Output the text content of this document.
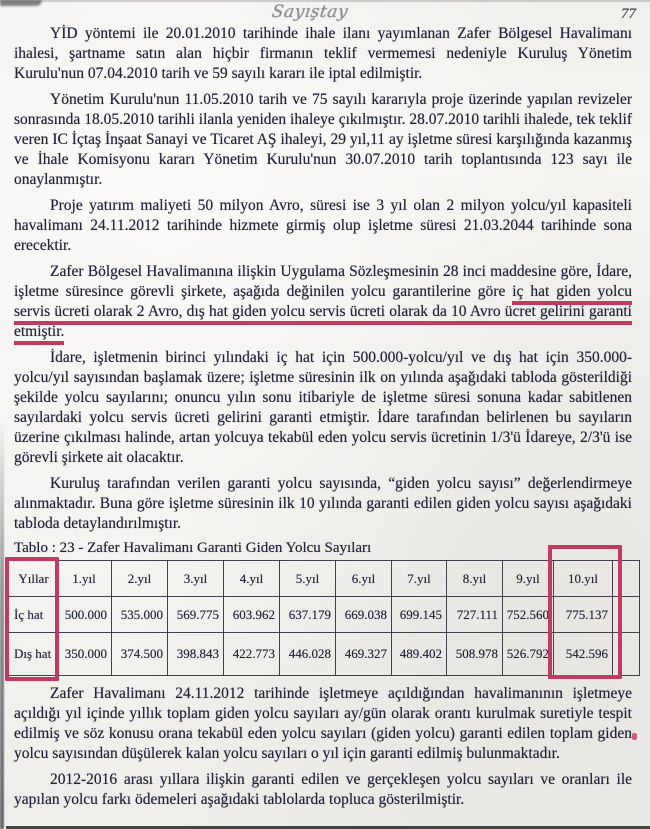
Sayıştay	77

YİD yöntemi ile 20.01.2010 tarihinde ihale ilanı yayımlanan Zafer Bölgesel Havalimanı ihalesi, şartname satın alan hiçbir firmanın teklif vermemesi nedeniyle Kuruluş Yönetim Kurulu'nun 07.04.2010 tarih ve 59 sayılı kararı ile iptal edilmiştir.

Yönetim Kurulu'nun 11.05.2010 tarih ve 75 sayılı kararıyla proje üzerinde yapılan revizeler sonrasında 18.05.2010 tarihli ilanla yeniden ihaleye çıkılmıştır. 28.07.2010 tarihli ihalede, tek teklif veren IC İçtaş İnşaat Sanayi ve Ticaret AŞ ihaleyi, 29 yıl,11 ay işletme süresi karşılığında kazanmış ve İhale Komisyonu kararı Yönetim Kurulu'nun 30.07.2010 tarih toplantısında 123 sayı ile onaylanmıştır.

Proje yatırım maliyeti 50 milyon Avro, süresi ise 3 yıl olan 2 milyon yolcu/yıl kapasiteli havalimanı 24.11.2012 tarihinde hizmete girmiş olup işletme süresi 21.03.2044 tarihinde sona erecektir.

Zafer Bölgesel Havalimanına ilişkin Uygulama Sözleşmesinin 28 inci maddesine göre, İdare, işletme süresince görevli şirkete, aşağıda değinilen yolcu garantilerine göre iç hat giden yolcu servis ücreti olarak 2 Avro, dış hat giden yolcu servis ücreti olarak da 10 Avro ücret gelirini garanti etmiştir.

İdare, işletmenin birinci yılındaki iç hat için 500.000-yolcu/yıl ve dış hat için 350.000-yolcu/yıl sayısından başlamak üzere; işletme süresinin ilk on yılında aşağıdaki tabloda gösterildiği şekilde yolcu sayılarını; onuncu yılın sonu itibariyle de işletme süresi sonuna kadar sabitlenen sayılardaki yolcu servis ücreti gelirini garanti etmiştir. İdare tarafından belirlenen bu sayıların üzerine çıkılması halinde, artan yolcuya tekabül eden yolcu servis ücretinin 1/3'ü İdareye, 2/3'ü ise görevli şirkete ait olacaktır.

Kuruluş tarafından verilen garanti yolcu sayısında, “giden yolcu sayısı” değerlendirmeye alınmaktadır. Buna göre işletme süresinin ilk 10 yılında garanti edilen giden yolcu sayısı aşağıdaki tabloda detaylandırılmıştır.

Tablo : 23 - Zafer Havalimanı Garanti Giden Yolcu Sayıları
Yıllar	1.yıl	2.yıl	3.yıl	4.yıl	5.yıl	6.yıl	7.yıl	8.yıl	9.yıl	10.yıl	
İç hat	500.000	535.000	569.775	603.962	637.179	669.038	699.145	727.111	752.560	775.137	
Dış hat	350.000	374.500	398.843	422.773	446.028	469.327	489.402	508.978	526.792	542.596	

Zafer Havalimanı 24.11.2012 tarihinde işletmeye açıldığından havalimanının işletmeye açıldığı yıl içinde yıllık toplam giden yolcu sayıları ay/gün olarak orantı kurulmak suretiyle tespit edilmiş ve söz konusu orana tekabül eden yolcu sayıları (giden yolcu) garanti edilen toplam giden yolcu sayısından düşülerek kalan yolcu sayıları o yıl için garanti edilmiş bulunmaktadır.

2012-2016 arası yıllara ilişkin garanti edilen ve gerçekleşen yolcu sayıları ve oranları ile yapılan yolcu farkı ödemeleri aşağıdaki tablolarda topluca gösterilmiştir.
